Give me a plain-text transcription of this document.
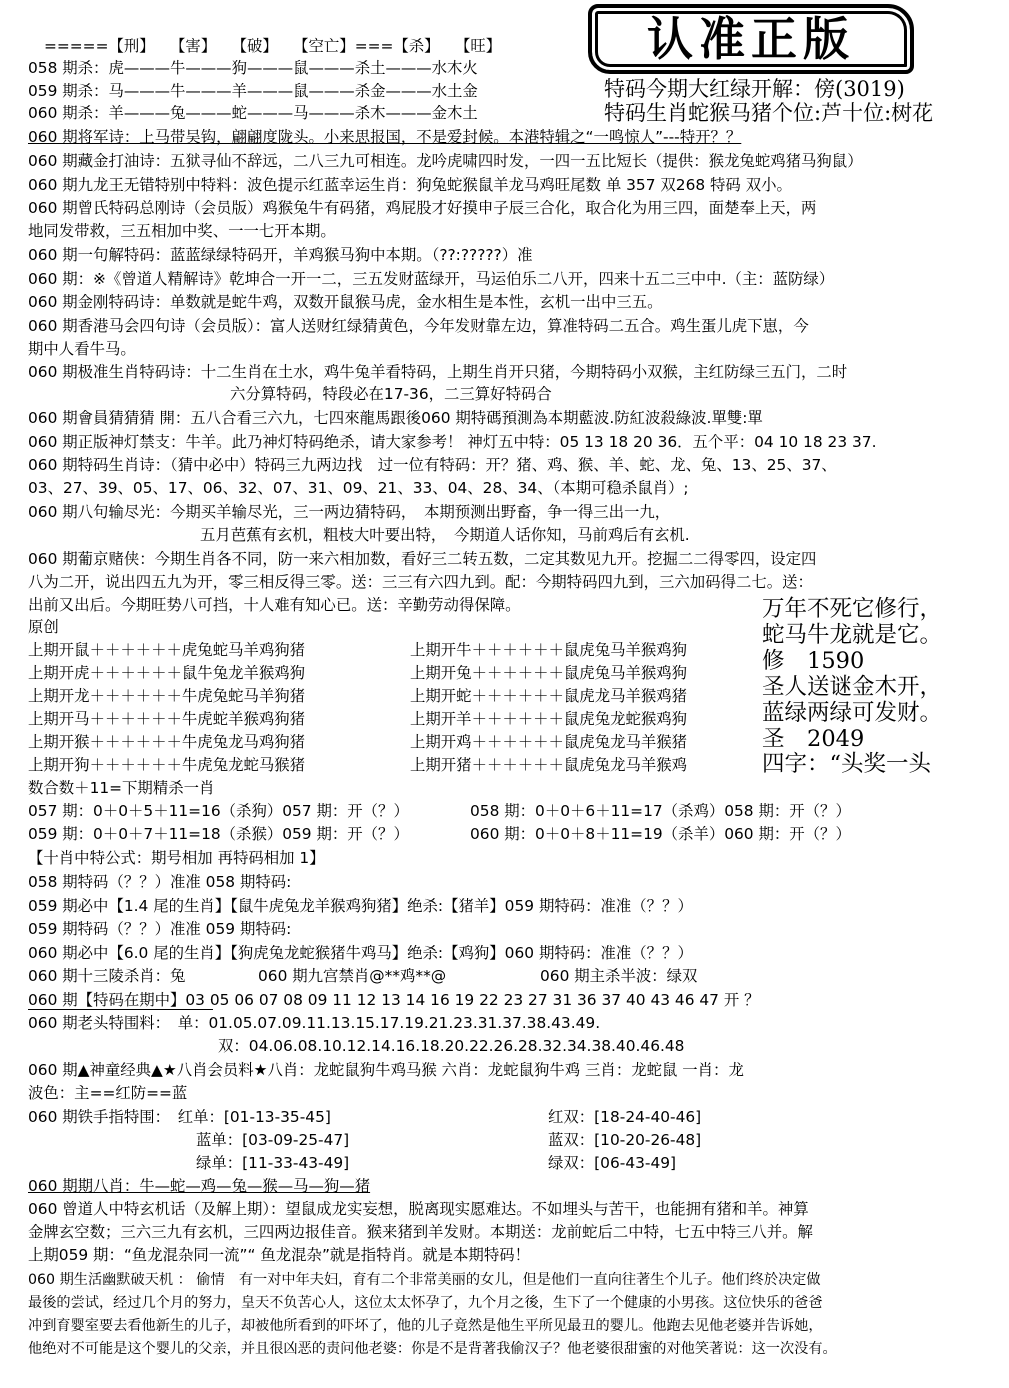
认准正版
特码今期大红绿开解：傍(3019)
特码生肖蛇猴马猪个位:芦十位:树花
=====【刑】　　【害】　　【破】　　【空亡】===【杀】　　【旺】
058 期杀：虎———牛———狗———鼠———杀土———水木火
059 期杀：马———牛———羊———鼠———杀金———水土金
060 期杀：羊———兔———蛇———马———杀木———金木土
060 期将军诗：上马带吴钩，翩翩度陇头。小来思报国，不是爱封候。本港特辑之“一鸣惊人”---特开？？
060 期藏金打油诗：五狱寻仙不辞远，二八三九可相连。龙吟虎啸四时发，一四一五比短长（提供：猴龙兔蛇鸡猪马狗鼠）
060 期九龙王无错特别中特料：波色提示红蓝幸运生肖：狗兔蛇猴鼠羊龙马鸡旺尾数 单 357 双268 特码 双小。
060 期曾氏特码总刚诗（会员版）鸡猴兔牛有码猪，鸡屁股才好摸申子辰三合化，取合化为用三四，面楚奉上天，两
地同发带救，三五相加中奖、一一七开本期。
060 期一句解特码：蓝蓝绿绿特码开，羊鸡猴马狗中本期。（??:?????）准
060 期：※《曾道人精解诗》乾坤合一开一二，三五发财蓝绿开，马运伯乐二八开，四来十五二三中中.（主：蓝防绿）
060 期金刚特码诗：单数就是蛇牛鸡，双数开鼠猴马虎，金水相生是本性，玄机一出中三五。
060 期香港马会四句诗（会员版）：富人送财红绿猜黄色，今年发财靠左边，算准特码二五合。鸡生蛋儿虎下崽，今
期中人看牛马。
060 期极准生肖特码诗：十二生肖在土水，鸡牛兔羊看特码，上期生肖开只猪，今期特码小双猴，主红防绿三五门，二时
六分算特码，特段必在17-36，二三算好特码合
060 期會員猜猜猜 開：五八合看三六九，七四來龍馬跟後060 期特碼預測為本期藍波.防紅波殺綠波.單雙:單
060 期正版神灯禁支：牛羊。此乃神灯特码绝杀，请大家参考！ 神灯五中特：05 13 18 20 36．五个平：04 10 18 23 37.
060 期特码生肖诗：（猜中必中）特码三九两边找　过一位有特码：开？猪、鸡、猴、羊、蛇、龙、兔、13、25、37、
03、27、39、05、17、06、32、07、31、09、21、33、04、28、34、（本期可稳杀鼠肖）;
060 期八句输尽光：今期买羊输尽光，三一两边猜特码，　本期预测出野畜，争一得三出一九，
五月芭蕉有玄机，粗枝大叶要出特，　今期道人话你知，马前鸡后有玄机.
060 期葡京赌侠：今期生肖各不同，防一来六相加数，看好三二转五数，二定其数见九开。挖掘二二得零四，设定四
八为二开，说出四五九为开，零三相反得三零。送：三三有六四九到。配：今期特码四九到，三六加码得二七。送：
出前又出后。今期旺势八可挡，十人难有知心已。送：辛勤劳动得保障。
原创
上期开鼠＋＋＋＋＋＋虎兔蛇马羊鸡狗猪	上期开牛＋＋＋＋＋＋鼠虎兔马羊猴鸡狗
上期开虎＋＋＋＋＋＋鼠牛兔龙羊猴鸡狗	上期开兔＋＋＋＋＋＋鼠虎兔马羊猴鸡狗
上期开龙＋＋＋＋＋＋牛虎兔蛇马羊狗猪	上期开蛇＋＋＋＋＋＋鼠虎龙马羊猴鸡猪
上期开马＋＋＋＋＋＋牛虎蛇羊猴鸡狗猪	上期开羊＋＋＋＋＋＋鼠虎兔龙蛇猴鸡狗
上期开猴＋＋＋＋＋＋牛虎兔龙马鸡狗猪	上期开鸡＋＋＋＋＋＋鼠虎兔龙马羊猴猪
上期开狗＋＋＋＋＋＋牛虎兔龙蛇马猴猪	上期开猪＋＋＋＋＋＋鼠虎兔龙马羊猴鸡
数合数＋11=下期精杀一肖
057 期：0＋0＋5＋11=16（杀狗）057 期：开（？）	058 期：0＋0＋6＋11=17（杀鸡）058 期：开（？）
059 期：0＋0＋7＋11=18（杀猴）059 期：开（？）	060 期：0＋0＋8＋11=19（杀羊）060 期：开（？）
【十肖中特公式：期号相加 再特码相加 1】
058 期特码（？？）准准 058 期特码:
059 期必中【1.4 尾的生肖】【鼠牛虎兔龙羊猴鸡狗猪】绝杀:【猪羊】059 期特码：准准（？？）
059 期特码（？？）准准 059 期特码:
060 期必中【6.0 尾的生肖】【狗虎兔龙蛇猴猪牛鸡马】绝杀:【鸡狗】060 期特码：准准（？？）
060 期十三陵杀肖：兔	060 期九宫禁肖@**鸡**@	060 期主杀半波：绿双
060 期【特码在期中】03 05 06 07 08 09 11 12 13 14 16 19 22 23 27 31 36 37 40 43 46 47 开 ？
060 期老头特围料：　单：01.05.07.09.11.13.15.17.19.21.23.31.37.38.43.49.
双：04.06.08.10.12.14.16.18.20.22.26.28.32.34.38.40.46.48
060 期▲神童经典▲★八肖会员料★八肖：龙蛇鼠狗牛鸡马猴 六肖：龙蛇鼠狗牛鸡 三肖：龙蛇鼠 一肖：龙
波色：主==红防==蓝
060 期铁手指特围：　红单：[01-13-35-45]	红双：[18-24-40-46]
蓝单：[03-09-25-47]	蓝双：[10-20-26-48]
绿单：[11-33-43-49]	绿双：[06-43-49]
060 期期八肖：牛—蛇—鸡—兔—猴—马—狗—猪
060 曾道人中特玄机话（及解上期）：望鼠成龙实妄想，脱离现实愿难达。不如埋头与苦干，也能拥有猪和羊。神算
金牌玄空数；三六三九有玄机，三四两边报佳音。猴来猪到羊发财。本期送：龙前蛇后二中特，七五中特三八并。解
上期059 期：“鱼龙混杂同一流”“ 鱼龙混杂”就是指特肖。就是本期特码！
060 期生活幽默破天机 ： 偷情　有一对中年夫妇，育有二个非常美丽的女儿，但是他们一直向往著生个儿子。他们终於决定做
最後的尝试，经过几个月的努力，皇天不负苦心人，这位太太怀孕了，九个月之後，生下了一个健康的小男孩。这位快乐的爸爸
冲到育婴室要去看他新生的儿子，却被他所看到的吓坏了，他的儿子竟然是他生平所见最丑的婴儿。他跑去见他老婆并告诉她，
他绝对不可能是这个婴儿的父亲，并且很凶恶的责问他老婆：你是不是背著我偷汉子？他老婆很甜蜜的对他笑著说：这一次没有。
万年不死它修行，
蛇马牛龙就是它。
修　1590
圣人送谜金木开，
蓝绿两绿可发财。
圣　2049
四字：“头奖一头
